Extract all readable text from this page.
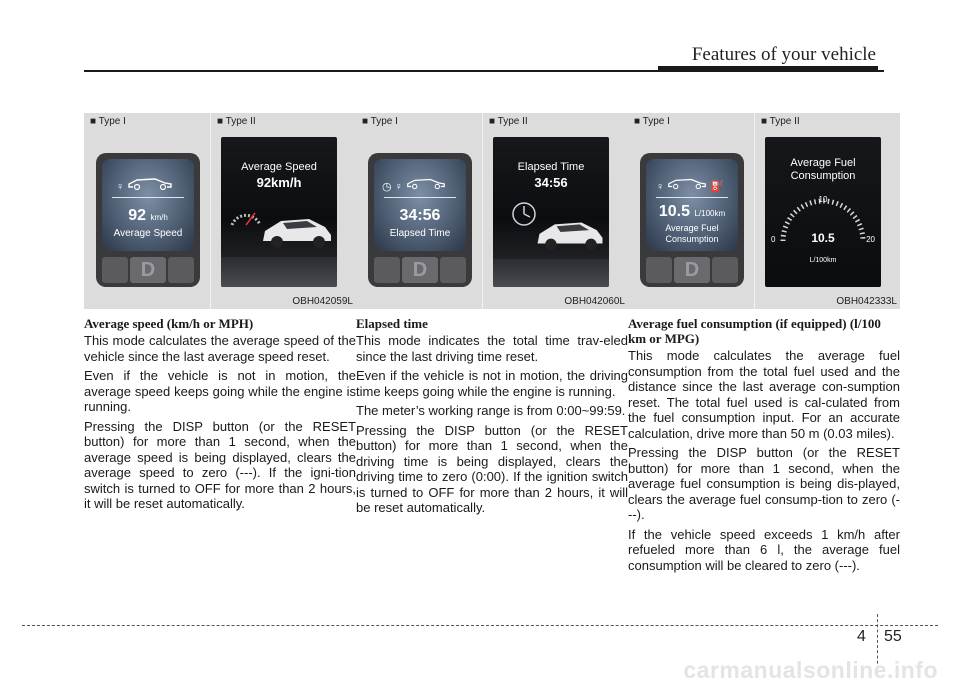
Features of your vehicle
■ Type I
♀
92 km/h
Average Speed
D
■ Type II
Average Speed
92km/h
OBH042059L
■ Type I
◷ ♀
34:56
Elapsed Time
D
■ Type II
Elapsed Time
34:56
OBH042060L
■ Type I
♀	⛽
10.5 L/100km
Average Fuel Consumption
D
■ Type II
Average Fuel Consumption
10
0	20
10.5
L/100km
OBH042333L
Average speed (km/h or MPH)

This mode calculates the average speed of the vehicle since the last average speed reset.

Even if the vehicle is not in motion, the average speed keeps going while the engine is running.

Pressing the DISP button (or the RESET button) for more than 1 second, when the average speed is being displayed, clears the average speed to zero (---). If the igni-tion switch is turned to OFF for more than 2 hours, it will be reset automatically.

Elapsed time

This mode indicates the total time trav-eled since the last driving time reset.

Even if the vehicle is not in motion, the driving time keeps going while the engine is running.

The meter’s working range is from 0:00~99:59.

Pressing the DISP button (or the RESET button) for more than 1 second, when the driving time is being displayed, clears the driving time to zero (0:00). If the ignition switch is turned to OFF for more than 2 hours, it will be reset automatically.

Average fuel consumption (if equipped) (l/100 km or MPG)

This mode calculates the average fuel consumption from the total fuel used and the distance since the last average con-sumption reset. The total fuel used is cal-culated from the fuel consumption input. For an accurate calculation, drive more than 50 m (0.03 miles).

Pressing the DISP button (or the RESET button) for more than 1 second, when the average fuel consumption is being dis-played, clears the average fuel consump-tion to zero (---).

If the vehicle speed exceeds 1 km/h after refueled more than 6 l, the average fuel consumption will be cleared to zero (---).

4 55
carmanualsonline.info
